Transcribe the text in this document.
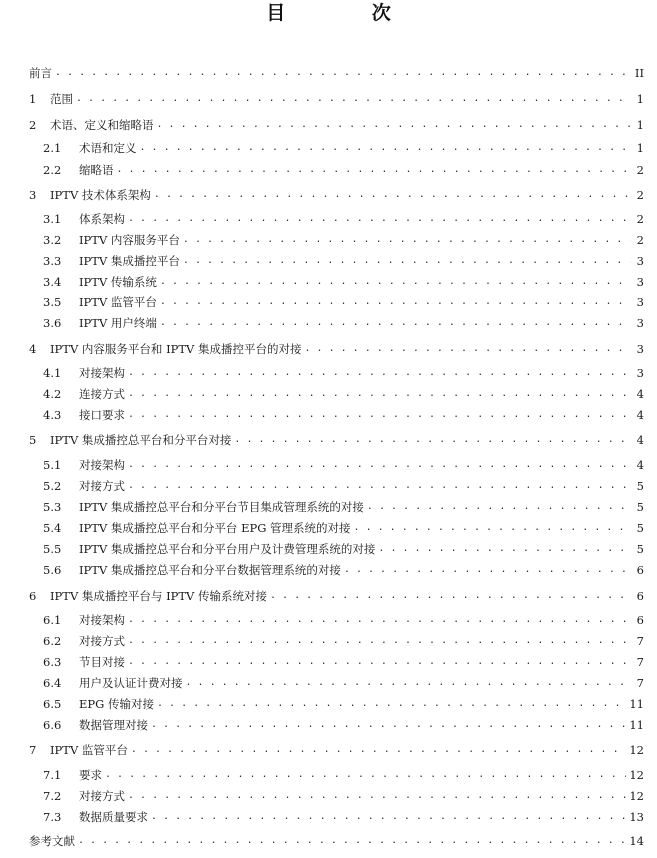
目 次
前言 . . .	II
1	范围 . . .	1
2	术语、定义和缩略语 . . .	1
2.1	术语和定义 . . .	1
2.2	缩略语 . . .	2
3	IPTV 技术体系架构 . . .	2
3.1	体系架构 . . .	2
3.2	IPTV 内容服务平台 . . .	2
3.3	IPTV 集成播控平台 . . .	3
3.4	IPTV 传输系统 . . .	3
3.5	IPTV 监管平台 . . .	3
3.6	IPTV 用户终端 . . .	3
4	IPTV 内容服务平台和 IPTV 集成播控平台的对接 . . .	3
4.1	对接架构 . . .	3
4.2	连接方式 . . .	4
4.3	接口要求 . . .	4
5	IPTV 集成播控总平台和分平台对接 . . .	4
5.1	对接架构 . . .	4
5.2	对接方式 . . .	5
5.3	IPTV 集成播控总平台和分平台节目集成管理系统的对接 . . .	5
5.4	IPTV 集成播控总平台和分平台 EPG 管理系统的对接 . . .	5
5.5	IPTV 集成播控总平台和分平台用户及计费管理系统的对接 . . .	5
5.6	IPTV 集成播控总平台和分平台数据管理系统的对接 . . .	6
6	IPTV 集成播控平台与 IPTV 传输系统对接 . . .	6
6.1	对接架构 . . .	6
6.2	对接方式 . . .	7
6.3	节目对接 . . .	7
6.4	用户及认证计费对接 . . .	7
6.5	EPG 传输对接 . . .	11
6.6	数据管理对接 . . .	11
7	IPTV 监管平台 . . .	12
7.1	要求 . . .	12
7.2	对接方式 . . .	12
7.3	数据质量要求 . . .	13
参考文献 . . .	14
